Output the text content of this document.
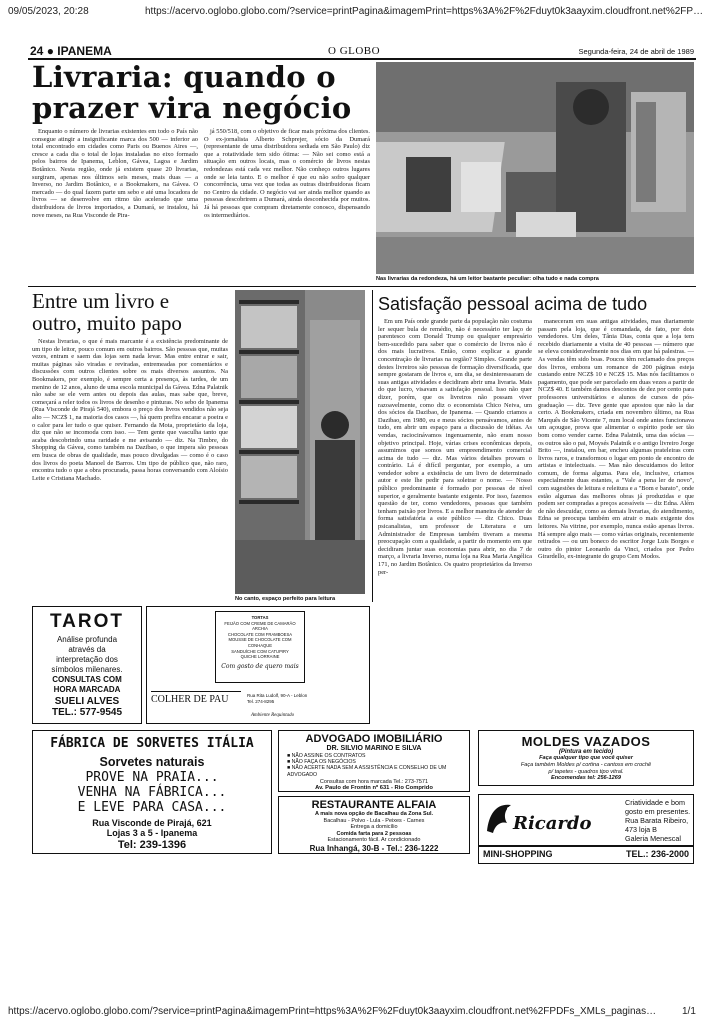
09/05/2023, 20:28	https://acervo.oglobo.globo.com/?service=printPagina&imagemPrint=https%3A%2F%2Fduyt0k3aayxim.cloudfront.net%2FP…
https://acervo.oglobo.globo.com/?service=printPagina&imagemPrint=https%3A%2F%2Fduyt0k3aayxim.cloudfront.net%2FPDFs_XMLs_paginas…	1/1
24 ● IPANEMA	O GLOBO	Segunda-feira, 24 de abril de 1989
Livraria: quando o
prazer vira negócio

Enquanto o número de livrarias existentes em todo o País não consegue atingir a insignificante marca dos 500 — inferior ao total encontrado em cidades como Paris ou Buenos Aires —, cresce a cada dia o total de lojas instaladas no eixo formado pelos bairros de Ipanema, Leblon, Gávea, Lagoa e Jardim Botânico. Nesta região, onde já existem quase 20 livrarias, surgiram, apenas nos últimos seis meses, mais duas — a Inverso, no Jardim Botânico, e a Bookmakers, na Gávea. O mercado — do qual fazem parte um sebo e até uma locadora de livros — se desenvolve em ritmo tão acelerado que uma distribuidora de livros importados, a Dumará, se instalou, há nove meses, na Rua Visconde de Pira-

já 550/518, com o objetivo de ficar mais próxima dos clientes. O ex-jornalista Alberto Schprejer, sócio da Dumará (representante de uma distribuidora sediada em São Paulo) diz que a rotatividade tem sido ótima: — Não sei como está a situação em outros locais, mas o comércio de livros nestas redondezas está cada vez melhor. Não conheço outros lugares onde se leia tanto. E o melhor é que eu não sofro qualquer concorrência, uma vez que todas as outras distribuidoras ficam no Centro da cidade. O negócio vai ser ainda melhor quando as pessoas descobrirem a Dumará, ainda desconhecida por muitos. Já há pessoas que compram diretamente conosco, dispensando os intermediários.

Nas livrarias da redondeza, há um leitor bastante peculiar: olha tudo e nada compra
Entre um livro e
outro, muito papo

Nestas livrarias, o que é mais marcante é a existência predominante de um tipo de leitor, pouco comum em outros bairros. São pessoas que, muitas vezes, entram e saem das lojas sem nada levar. Mas entre entrar e sair, muitas páginas são viradas e reviradas, entremeadas por comentários e discussões com outros clientes sobre os mais diversos assuntos. Na Bookmakers, por exemplo, é sempre certa a presença, às tardes, de um menino de 12 anos, aluno de uma escola municipal da Gávea. Edna Palatnik não sabe se ele vem antes ou depois das aulas, mas sabe que, breve, começará a reler todos os livros de desenho e pinturas. No sebo de Ipanema (Rua Visconde de Pirajá 540), embora o preço dos livros vendidos não seja alto — NCZ$ 1, na maioria dos casos —, há quem prefira encarar a poeira e o calor para ler tudo o que quiser. Fernando da Mota, proprietário da loja, diz que não se incomoda com isso. — Tem gente que vasculha tanto que acaba descobrindo uma raridade e me avisando — diz. Na Timbre, do Shopping da Gávea, como também na Dazibao, o que impera são pessoas em busca de obras de qualidade, mas pouco divulgadas — como é o caso dos livros do poeta Manoel de Barros. Um tipo de público que, não raro, encontra tudo o que a obra procurada, passa horas conversando com Aloísio Leite e Cristiana Machado.

No canto, espaço perfeito para leitura
Satisfação pessoal acima de tudo

Em um País onde grande parte da população não costuma ler sequer bula de remédio, não é necessário ter laço de parentesco com Donald Trump ou qualquer empresário bem-sucedido para saber que o comércio de livros não é dos mais lucrativos. Então, como explicar a grande concentração de livrarias na região? Simples. Grande parte destes livreiros são pessoas de formação diversificada, que sempre gostaram de livros e, um dia, se desinteressaram de suas antigas atividades e decidiram abrir uma livraria. Mais do que lucro, visavam a satisfação pessoal. Isso não quer dizer, porém, que os livreiros não possam viver razoavelmente, como diz o economista Chico Neiva, um dos sócios da Dazibao, de Ipanema. — Quando criamos a Dazibao, em 1980, eu e meus sócios pensávamos, antes de tudo, em abrir um espaço para a discussão de idéias. As vendas, raciocinávamos ingenuamente, não eram nosso objetivo principal. Hoje, várias crises econômicas depois, assumimos que somos um empreendimento comercial acima de tudo — diz. Mas vários detalhes provam o contrário. Lá é difícil perguntar, por exemplo, a um vendedor sobre a existência de um livro de determinado autor e este lhe pedir para soletrar o nome. — Nosso público predominante é formado por pessoas de nível superior, e geralmente bastante exigente. Por isso, fazemos questão de ter, como vendedores, pessoas que também tenham paixão por livros. E a melhor maneira de atender de forma satisfatória a este público — diz Chico. Duas psicanalistas, um professor de Literatura e um Administrador de Empresas também tiveram a mesma preocupação com a qualidade, a partir do momento em que decidiram juntar suas economias para abrir, no dia 7 de março, a livraria Inverso, numa loja na Rua Maria Angélica 171, no Jardim Botânico. Os quatro proprietários da Inverso per-

maneceram em suas antigas atividades, mas diariamente passam pela loja, que é comandada, de fato, por dois vendedores. Um deles, Tânia Dias, conta que a loja tem recebido diariamente a visita de 40 pessoas — número que se eleva consideravelmente nos dias em que há palestras. — As vendas têm sido boas. Poucos têm reclamado dos preços dos livros, embora um romance de 200 páginas esteja custando entre NCZ$ 10 e NCZ$ 15. Mas nós facilitamos o pagamento, que pode ser parcelado em duas vezes a partir de NCZ$ 40. E também damos descontos de dez por cento para professores universitários e alunos de cursos de pós-graduação — diz. Teve gente que apostou que não la dar certo. A Bookmakers, criada em novembro último, na Rua Marquês de São Vicente 7, num local onde antes funcionava um açougue, prova que alimentar o espírito pode ser tão bom como vender carne. Edna Palatnik, uma das sócias — os outros são o pai, Moysés Palatnik e o antigo livreiro Jorge Brito —, instalou, em bar, encheu algumas prateleiras com livros raros, e transformou o lugar em ponto de encontro de artistas e intelectuais. — Mas não descuidamos do leitor comum, de forma alguma. Para ele, inclusive, criamos especialmente duas estantes, a "Vale a pena ler de novo", com sugestões de leitura e releitura e a "Bom e barato", onde estão algumas das melhores obras já produzidas e que podem ser compradas a preços acessíveis — diz Edna. Além de não descuidar, como as demais livrarias, do atendimento, Edna se preocupa também em atrair o mais exigente dos leitores. Na vitrine, por exemplo, nunca estão apenas livros. Há sempre algo mais — como várias originais, recentemente retirados — ou um boneco do escritor Jorge Luis Borges e outro do pintor Leonardo da Vinci, criados por Pedro Girardello, ex-integrante do grupo Cem Modos.

TAROT
Análise profunda
através da
interpretação dos
símbolos milenares.
CONSULTAS COM
HORA MARCADA
SUELI ALVES
TEL.: 577-9545
TORTAS
FEIJÃO COM CREME DE CAMARÃO
ARCHIA
CHOCOLATE COM FRAMBOESA
MOUSSE DE CHOCOLATE COM CONHAQUE
SANDUÍCHE COM CATUPIRY
QUICHE LORRAINE
Com gosto de quero mais
COLHER DE PAU	Rua Rita Ludolf, 90-A - Leblon
Tel. 274-8295
Ambiente Requintado
FÁBRICA DE SORVETES ITÁLIA
Sorvetes naturais
PROVE NA PRAIA...
VENHA NA FÁBRICA...
E LEVE PARA CASA...
Rua Visconde de Pirajá, 621
Lojas 3 a 5 - Ipanema
Tel: 239-1396
ADVOGADO IMOBILIÁRIO
DR. SILVIO MARINO E SILVA
■ NÃO ASSINE OS CONTRATOS
■ NÃO FAÇA OS NEGÓCIOS
■ NÃO ACERTE NADA SEM A ASSISTÊNCIA E CONSELHO DE UM ADVOGADO
Consultas com hora marcada Tel.: 273-7571
Av. Paulo de Frontin nº 631 - Rio Comprido
RESTAURANTE ALFAIA
A mais nova opção de Bacalhau da Zona Sul.
Bacalhau - Polvo - Lula - Peixes - Carnes
Entrega a domicílio
Comida farta para 2 pessoas
Estacionamento fácil. Ar condicionado
Rua Inhangá, 30-B - Tel.: 236-1222
MOLDES VAZADOS
(Pintura em tecido)
Faça qualquer tipo que você quiser
Faça também Moldes p/ cortina - cantoss em crochê
p/ tapetes - quadros tipo vitral.
Encomendas tel: 256-1269
Ricardo
Criatividade e bom
gosto em presentes.
Rua Barata Ribeiro,
473 loja B
Galeria Menescal
MINI-SHOPPING	TEL.: 236-2000
